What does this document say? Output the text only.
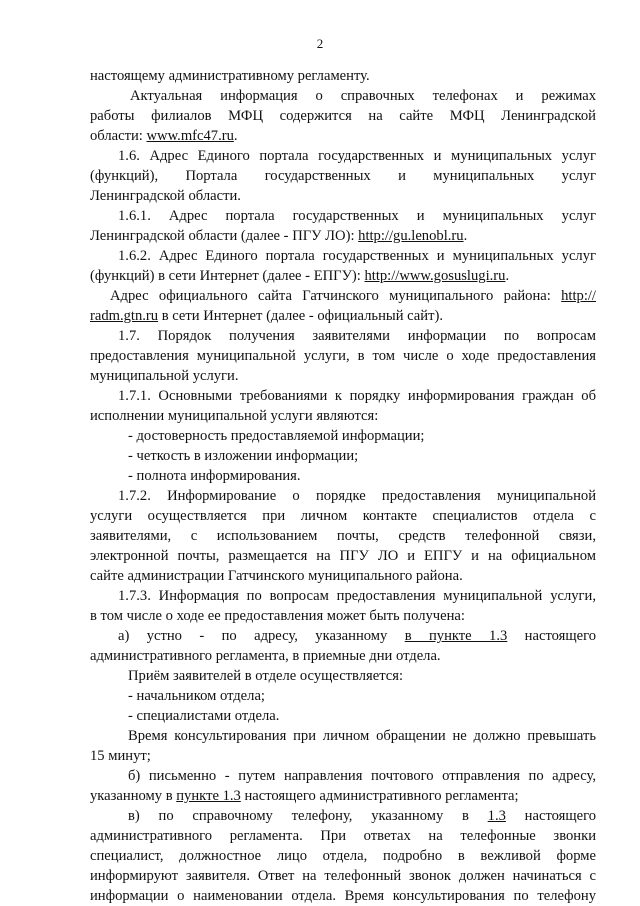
2
настоящему административному регламенту.
Актуальная информация о справочных телефонах и режимах
работы филиалов МФЦ содержится на сайте МФЦ Ленинградской
области: www.mfc47.ru.
1.6. Адрес Единого портала государственных и муниципальных услуг
(функций), Портала государственных и муниципальных услуг
Ленинградской области.
1.6.1. Адрес портала государственных и муниципальных услуг
Ленинградской области (далее - ПГУ ЛО): http://gu.lenobl.ru.
1.6.2. Адрес Единого портала государственных и муниципальных услуг
(функций) в сети Интернет (далее - ЕПГУ): http://www.gosuslugi.ru.
Адрес официального сайта Гатчинского муниципального района: http://
radm.gtn.ru в сети Интернет (далее - официальный сайт).
1.7. Порядок получения заявителями информации по вопросам
предоставления муниципальной услуги, в том числе о ходе предоставления
муниципальной услуги.
1.7.1. Основными требованиями к порядку информирования граждан об
исполнении муниципальной услуги являются:
- достоверность предоставляемой информации;
- четкость в изложении информации;
- полнота информирования.
1.7.2. Информирование о порядке предоставления муниципальной
услуги осуществляется при личном контакте специалистов отдела с
заявителями, с использованием почты, средств телефонной связи,
электронной почты, размещается на ПГУ ЛО и ЕПГУ и на официальном
сайте администрации Гатчинского муниципального района.
1.7.3. Информация по вопросам предоставления муниципальной услуги,
в том числе о ходе ее предоставления может быть получена:
а) устно - по адресу, указанному в пункте 1.3 настоящего
административного регламента, в приемные дни отдела.
Приём заявителей в отделе осуществляется:
- начальником отдела;
- специалистами отдела.
Время консультирования при личном обращении не должно превышать
15 минут;
б) письменно - путем направления почтового отправления по адресу,
указанному в пункте 1.3 настоящего административного регламента;
в) по справочному телефону, указанному в 1.3 настоящего
административного регламента. При ответах на телефонные звонки
специалист, должностное лицо отдела, подробно в вежливой форме
информируют заявителя. Ответ на телефонный звонок должен начинаться с
информации о наименовании отдела. Время консультирования по телефону
